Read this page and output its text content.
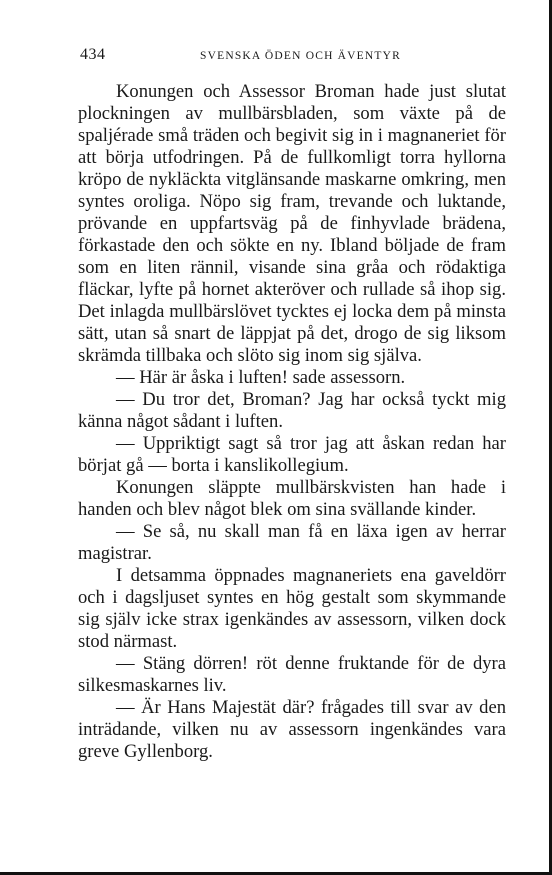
434	SVENSKA ÖDEN OCH ÄVENTYR

Konungen och Assessor Broman hade just slutat plockningen av mullbärsbladen, som växte på de spaljérade små träden och begivit sig in i magnaneriet för att börja utfodringen. På de fullkomligt torra hyllorna kröpo de nykläckta vitglänsande maskarne omkring, men syntes oroliga. Nöpo sig fram, trevande och luktande, prövande en uppfartsväg på de finhyvlade brädena, förkastade den och sökte en ny. Ibland böljade de fram som en liten rännil, visande sina gråa och rödaktiga fläckar, lyfte på hornet akteröver och rullade så ihop sig. Det inlagda mullbärslövet tycktes ej locka dem på minsta sätt, utan så snart de läppjat på det, drogo de sig liksom skrämda tillbaka och slöto sig inom sig själva.

— Här är åska i luften! sade assessorn.

— Du tror det, Broman? Jag har också tyckt mig känna något sådant i luften.

— Uppriktigt sagt så tror jag att åskan redan har börjat gå — borta i kanslikollegium.

Konungen släppte mullbärskvisten han hade i handen och blev något blek om sina svällande kinder.

— Se så, nu skall man få en läxa igen av herrar magistrar.

I detsamma öppnades magnaneriets ena gaveldörr och i dagsljuset syntes en hög gestalt som skymmande sig själv icke strax igenkändes av assessorn, vilken dock stod närmast.

— Stäng dörren! röt denne fruktande för de dyra silkesmaskarnes liv.

— Är Hans Majestät där? frågades till svar av den inträdande, vilken nu av assessorn ingenkändes vara greve Gyllenborg.
